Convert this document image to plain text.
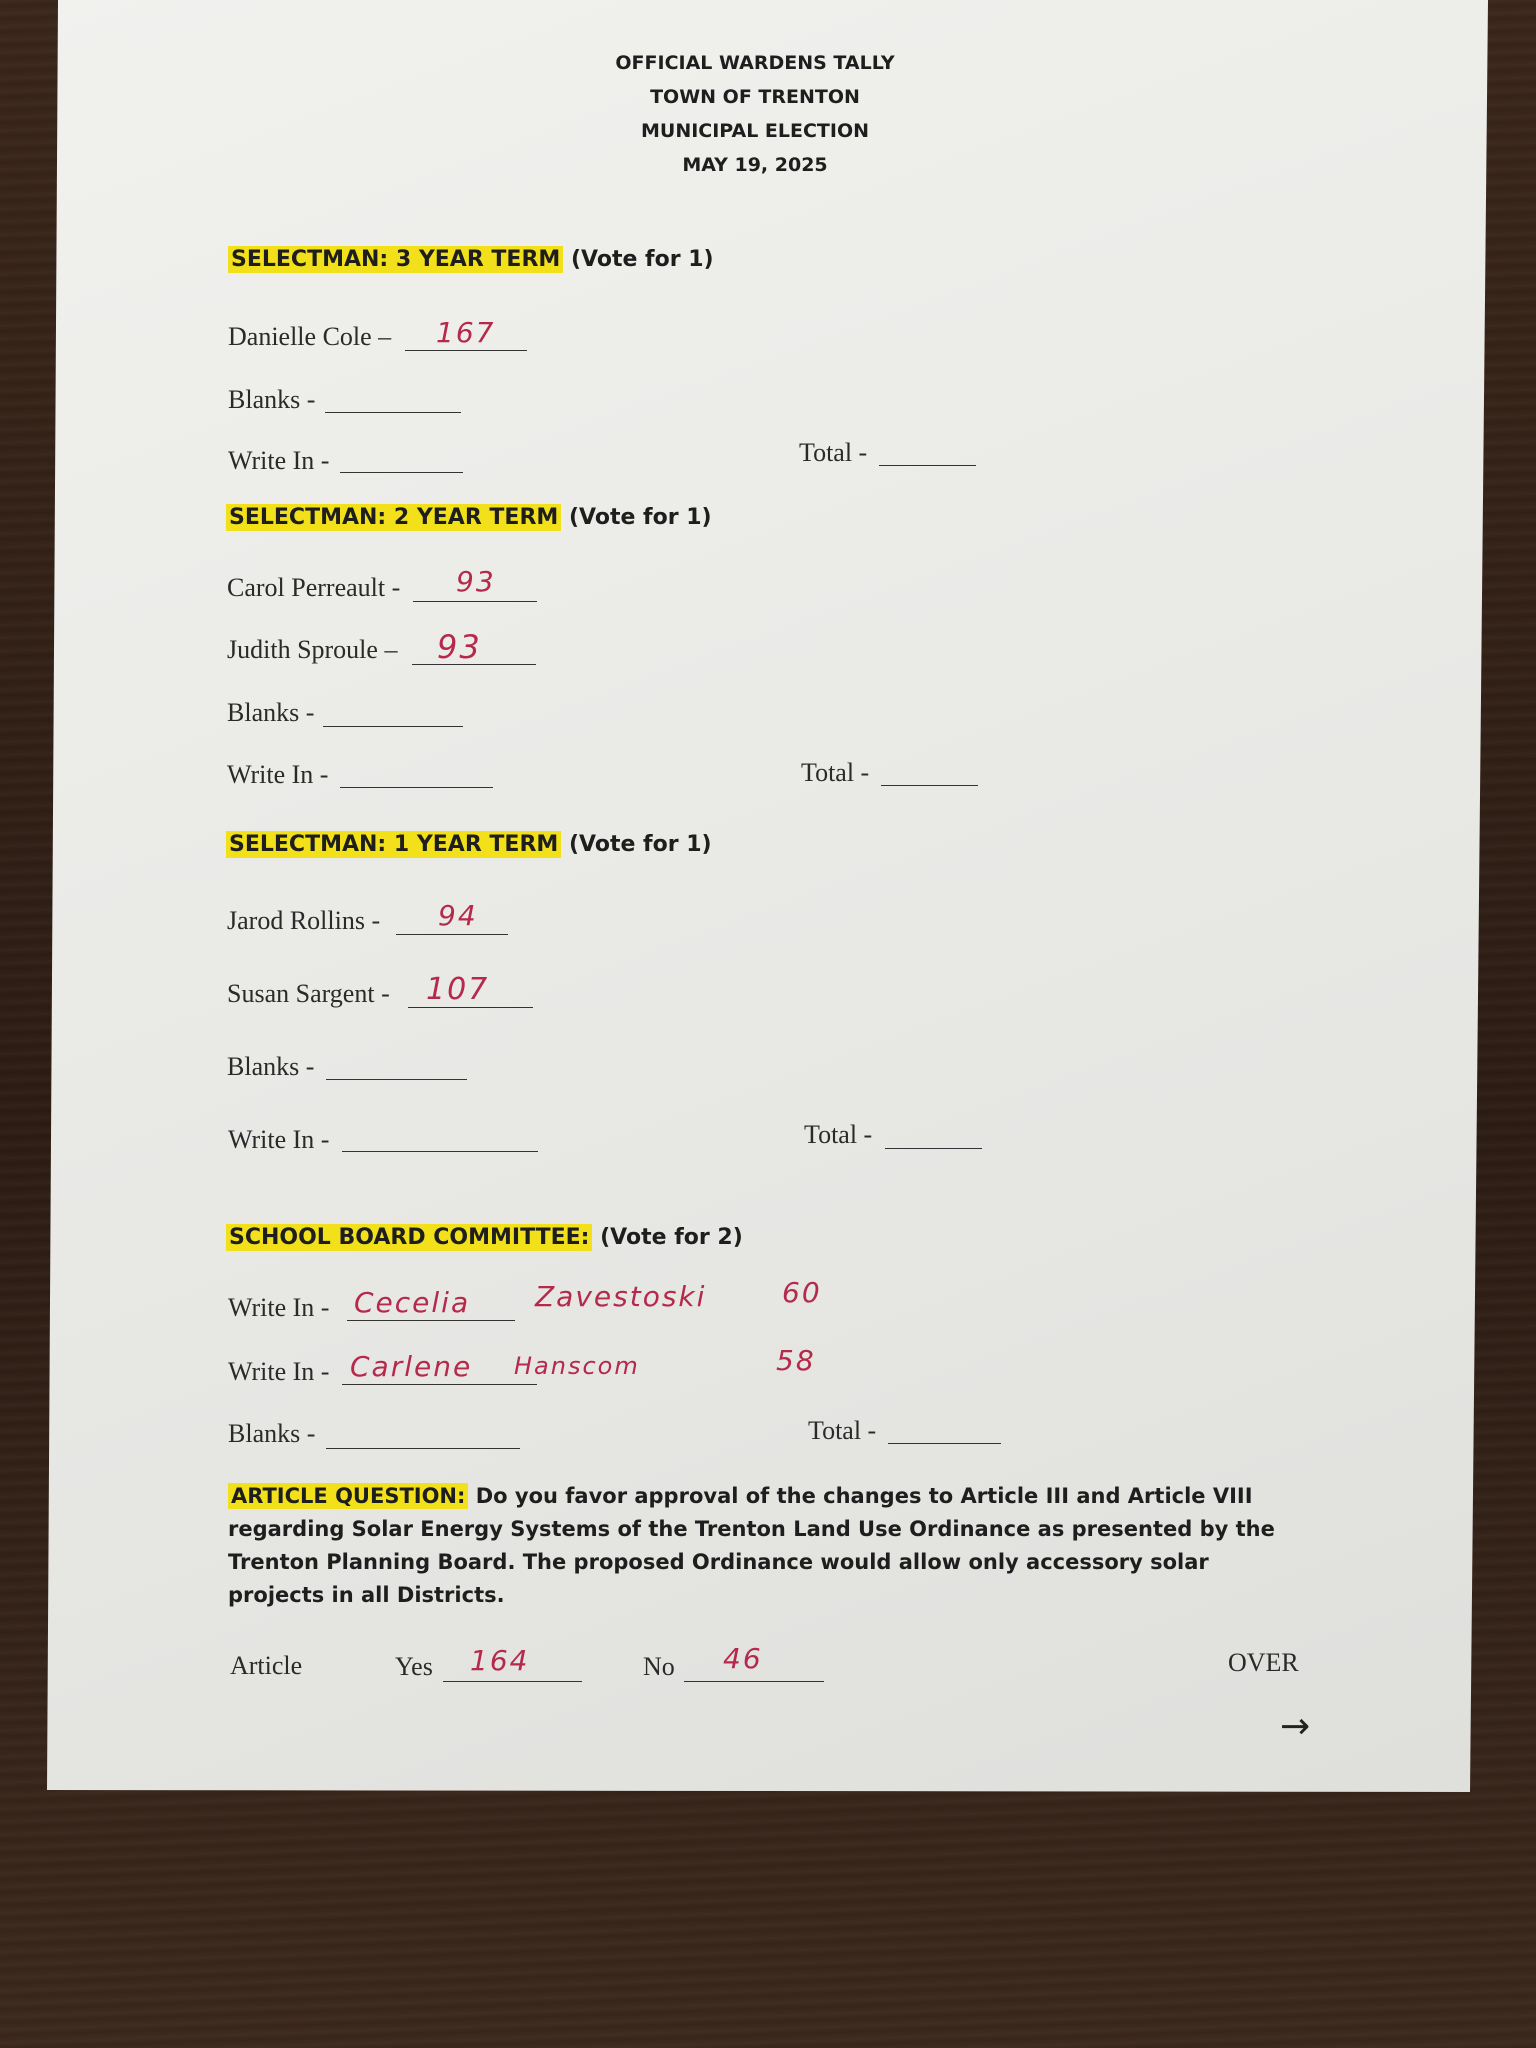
OFFICIAL WARDENS TALLY
TOWN OF TRENTON
MUNICIPAL ELECTION
MAY 19, 2025
SELECTMAN: 3 YEAR TERM (Vote for 1)
Danielle Cole – 167
Blanks -
Write In -	Total -
SELECTMAN: 2 YEAR TERM (Vote for 1)
Carol Perreault - 93
Judith Sproule – 93
Blanks -
Write In -	Total -
SELECTMAN: 1 YEAR TERM (Vote for 1)
Jarod Rollins - 94
Susan Sargent - 107
Blanks -
Write In -	Total -
SCHOOL BOARD COMMITTEE: (Vote for 2)
Write In - Cecelia Zavestoski	60
Write In - Carlene Hanscom	58
Blanks -	Total -
ARTICLE QUESTION: Do you favor approval of the changes to Article III and Article VIII regarding Solar Energy Systems of the Trenton Land Use Ordinance as presented by the Trenton Planning Board. The proposed Ordinance would allow only accessory solar projects in all Districts.
Article	Yes 164	No 46	OVER
→
